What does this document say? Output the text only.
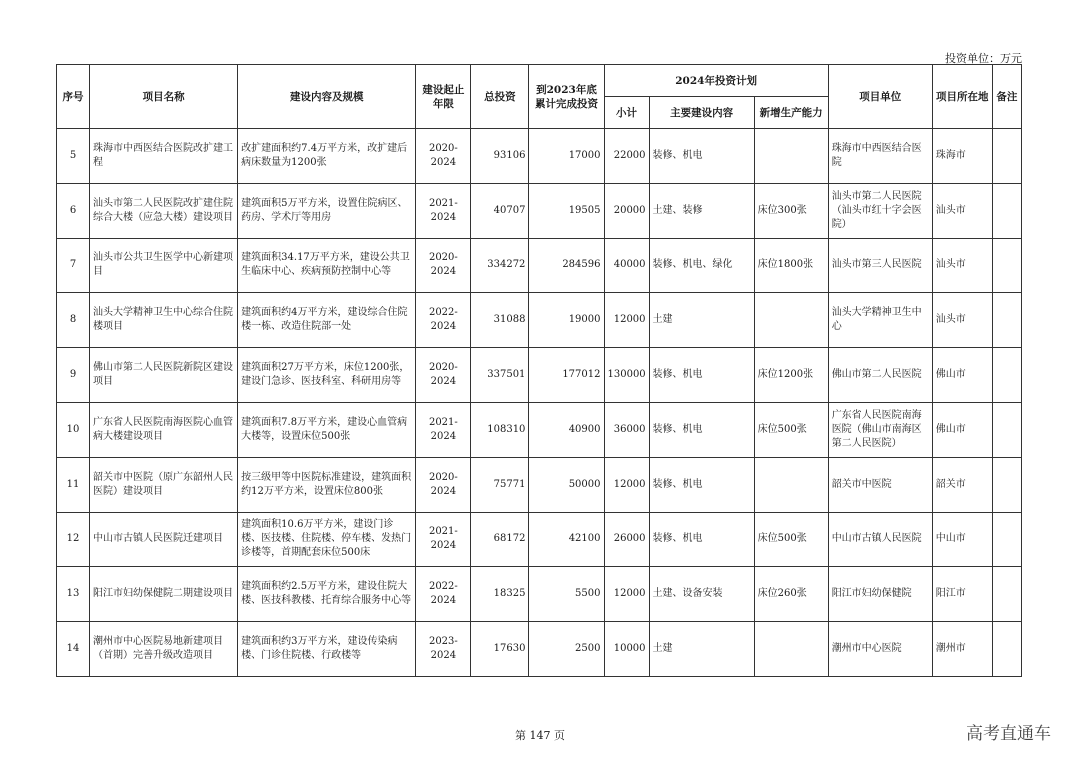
投资单位：万元
序号	项目名称	建设内容及规模	建设起止年限	总投资	到2023年底累计完成投资	2024年投资计划			项目单位	项目所在地	备注
						小计	主要建设内容	新增生产能力			
5	珠海市中西医结合医院改扩建工程	改扩建面积约7.4万平方米，改扩建后病床数量为1200张	2020-2024	93106	17000	22000	装修、机电		珠海市中西医结合医院	珠海市	
6	汕头市第二人民医院改扩建住院综合大楼（应急大楼）建设项目	建筑面积5万平方米，设置住院病区、药房、学术厅等用房	2021-2024	40707	19505	20000	土建、装修	床位300张	汕头市第二人民医院（汕头市红十字会医院）	汕头市	
7	汕头市公共卫生医学中心新建项目	建筑面积34.17万平方米，建设公共卫生临床中心、疾病预防控制中心等	2020-2024	334272	284596	40000	装修、机电、绿化	床位1800张	汕头市第三人民医院	汕头市	
8	汕头大学精神卫生中心综合住院楼项目	建筑面积约4万平方米，建设综合住院楼一栋、改造住院部一处	2022-2024	31088	19000	12000	土建		汕头大学精神卫生中心	汕头市	
9	佛山市第二人民医院新院区建设项目	建筑面积27万平方米，床位1200张，建设门急诊、医技科室、科研用房等	2020-2024	337501	177012	130000	装修、机电	床位1200张	佛山市第二人民医院	佛山市	
10	广东省人民医院南海医院心血管病大楼建设项目	建筑面积7.8万平方米，建设心血管病大楼等，设置床位500张	2021-2024	108310	40900	36000	装修、机电	床位500张	广东省人民医院南海医院（佛山市南海区第二人民医院）	佛山市	
11	韶关市中医院（原广东韶州人民医院）建设项目	按三级甲等中医院标准建设，建筑面积约12万平方米，设置床位800张	2020-2024	75771	50000	12000	装修、机电		韶关市中医院	韶关市	
12	中山市古镇人民医院迁建项目	建筑面积10.6万平方米，建设门诊楼、医技楼、住院楼、停车楼、发热门诊楼等，首期配套床位500床	2021-2024	68172	42100	26000	装修、机电	床位500张	中山市古镇人民医院	中山市	
13	阳江市妇幼保健院二期建设项目	建筑面积约2.5万平方米，建设住院大楼、医技科教楼、托育综合服务中心等	2022-2024	18325	5500	12000	土建、设备安装	床位260张	阳江市妇幼保健院	阳江市	
14	潮州市中心医院易地新建项目（首期）完善升级改造项目	建筑面积约3万平方米，建设传染病楼、门诊住院楼、行政楼等	2023-2024	17630	2500	10000	土建		潮州市中心医院	潮州市	
第 147 页	高考直通车
